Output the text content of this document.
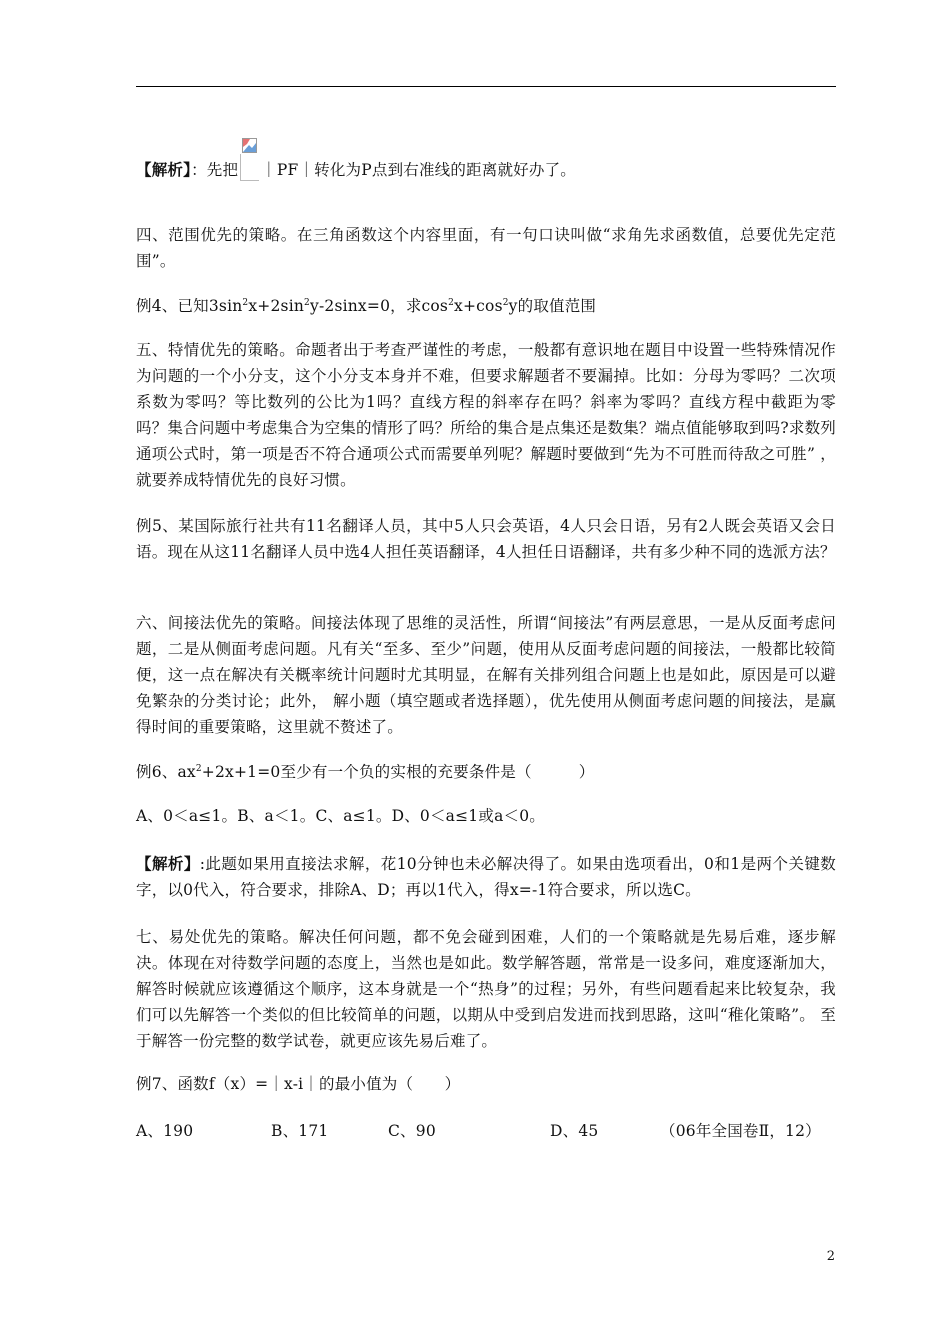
【解析】：先把 ｜PF｜转化为P点到右准线的距离就好办了。

四、范围优先的策略。在三角函数这个内容里面，有一句口诀叫做“求角先求函数值，总要优先定范围”。

例4、已知$3\sin^2x+2\sin^2y-2\sin x=0$，求$\cos^2x+\cos^2y$的取值范围

五、特情优先的策略。命题者出于考查严谨性的考虑，一般都有意识地在题目中设置一些特殊情况作为问题的一个小分支，这个小分支本身并不难，但要求解题者不要漏掉。比如：分母为零吗？二次项系数为零吗？等比数列的公比为1吗？直线方程的斜率存在吗？斜率为零吗？直线方程中截距为零吗？集合问题中考虑集合为空集的情形了吗？所给的集合是点集还是数集？端点值能够取到吗?求数列通项公式时，第一项是否不符合通项公式而需要单列呢？解题时要做到“先为不可胜而待敌之可胜” ，就要养成特情优先的良好习惯。

例5、某国际旅行社共有11名翻译人员，其中5人只会英语，4人只会日语，另有2人既会英语又会日语。现在从这11名翻译人员中选4人担任英语翻译，4人担任日语翻译，共有多少种不同的选派方法？

六、间接法优先的策略。间接法体现了思维的灵活性，所谓“间接法”有两层意思，一是从反面考虑问题，二是从侧面考虑问题。凡有关“至多、至少”问题，使用从反面考虑问题的间接法，一般都比较简便，这一点在解决有关概率统计问题时尤其明显，在解有关排列组合问题上也是如此，原因是可以避免繁杂的分类讨论；此外， 解小题（填空题或者选择题），优先使用从侧面考虑问题的间接法，是赢得时间的重要策略，这里就不赘述了。

例6、$ax^2+2x+1=0$至少有一个负的实根的充要条件是（　　　）

A、0＜a≤1。B、a＜1。C、a≤1。D、0＜a≤1或a＜0。

【解析】:此题如果用直接法求解，花10分钟也未必解决得了。如果由选项看出，0和1是两个关键数字，以0代入，符合要求，排除A、D；再以1代入，得x=-1符合要求，所以选C。

七、易处优先的策略。解决任何问题，都不免会碰到困难，人们的一个策略就是先易后难，逐步解决。体现在对待数学问题的态度上，当然也是如此。数学解答题，常常是一设多问，难度逐渐加大，解答时候就应该遵循这个顺序，这本身就是一个“热身”的过程；另外，有些问题看起来比较复杂，我们可以先解答一个类似的但比较简单的问题，以期从中受到启发进而找到思路，这叫“稚化策略”。 至于解答一份完整的数学试卷，就更应该先易后难了。

例7、函数f（x）=｜x-i｜的最小值为（　　）

A、190	B、171	C、90	D、45	（06年全国卷Ⅱ，12）
2
